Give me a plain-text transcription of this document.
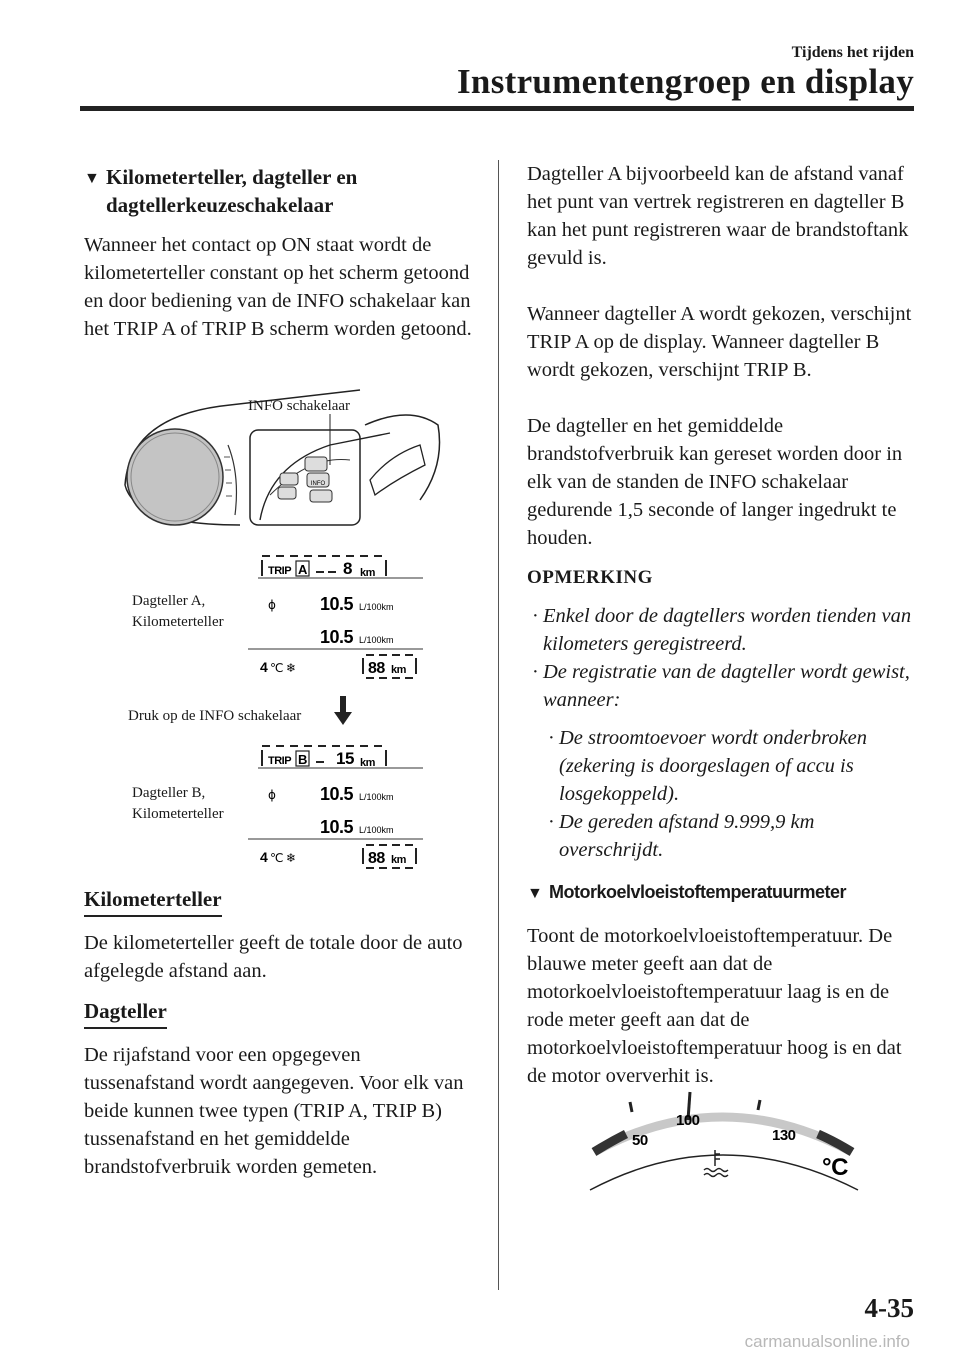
Tijdens het rijden
Instrumentengroep en display
▼ Kilometerteller, dagteller en dagtellerkeuzeschakelaar

Wanneer het contact op ON staat wordt de kilometerteller constant op het scherm getoond en door bediening van de INFO schakelaar kan het TRIP A of TRIP B scherm worden getoond.

INFO
INFO schakelaar
Dagteller A,
Kilometerteller
TRIP A 8 km
ɸ 10.5 L/100km
10.5 L/100km
4 ℃ ❄	88 km
Druk op de INFO schakelaar
Dagteller B,
Kilometerteller
TRIP B 15 km
ɸ 10.5 L/100km
10.5 L/100km
4 ℃ ❄	88 km

Kilometerteller

De kilometerteller geeft de totale door de auto afgelegde afstand aan.

Dagteller

De rijafstand voor een opgegeven tussenafstand wordt aangegeven. Voor elk van beide kunnen twee typen (TRIP A, TRIP B) tussenafstand en het gemiddelde brandstofverbruik worden gemeten.

Dagteller A bijvoorbeeld kan de afstand vanaf het punt van vertrek registreren en dagteller B kan het punt registreren waar de brandstoftank gevuld is.

Wanneer dagteller A wordt gekozen, verschijnt TRIP A op de display. Wanneer dagteller B wordt gekozen, verschijnt TRIP B.

De dagteller en het gemiddelde brandstofverbruik kan gereset worden door in elk van de standen de INFO schakelaar gedurende 1,5 seconde of langer ingedrukt te houden.

OPMERKING

· Enkel door de dagtellers worden tienden van kilometers geregistreerd.
· De registratie van de dagteller wordt gewist, wanneer:
· De stroomtoevoer wordt onderbroken (zekering is doorgeslagen of accu is losgekoppeld).
· De gereden afstand 9.999,9 km overschrijdt.
▼ Motorkoelvloeistoftemperatuurmeter

Toont de motorkoelvloeistoftemperatuur. De blauwe meter geeft aan dat de motorkoelvloeistoftemperatuur laag is en de rode meter geeft aan dat de motorkoelvloeistoftemperatuur hoog is en dat de motor oververhit is.

50
100
130
°C
4-35
carmanualsonline.info
